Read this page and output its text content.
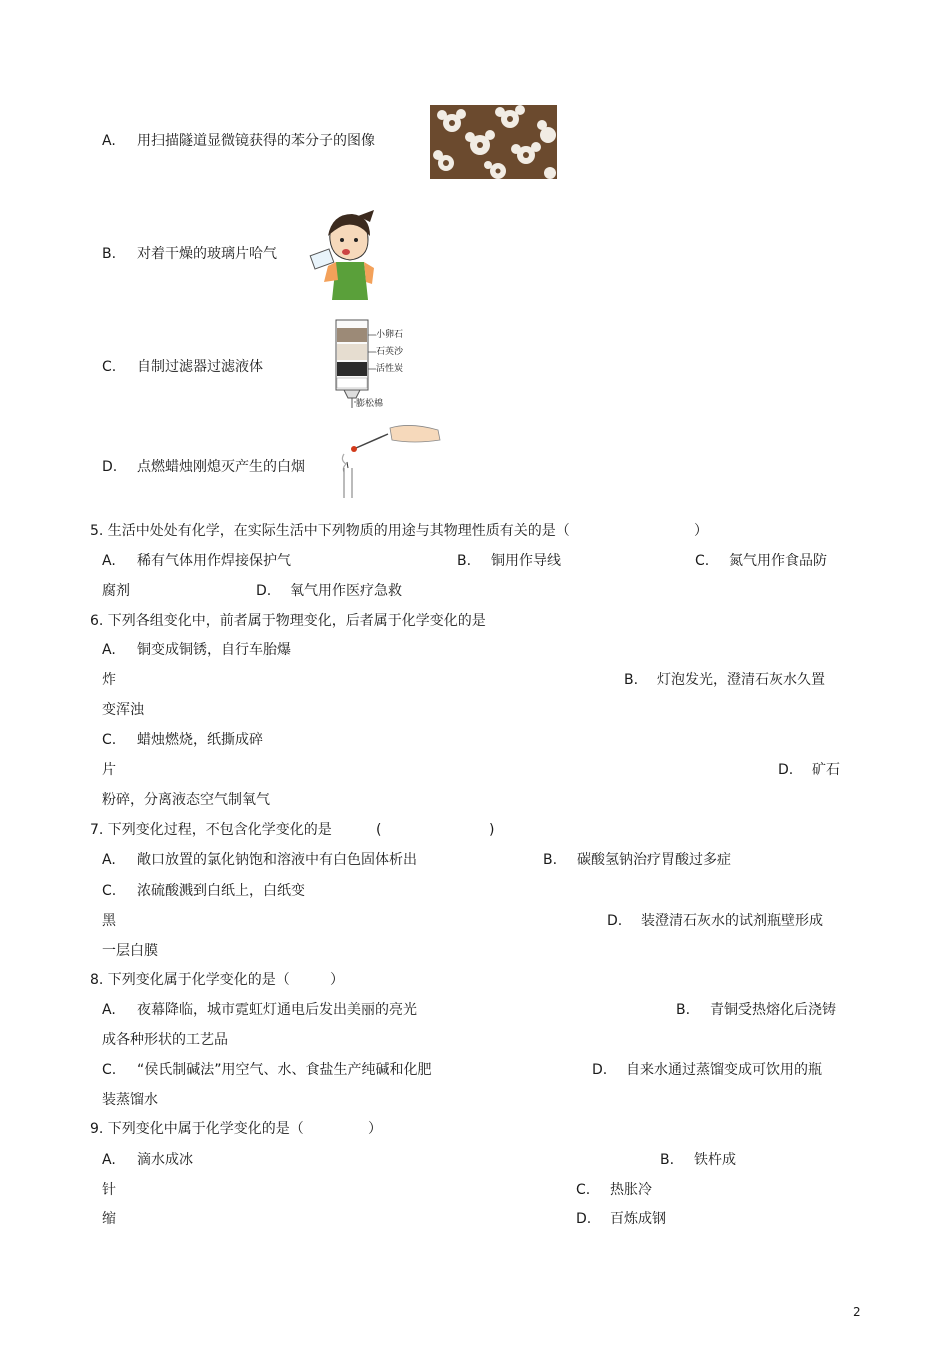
A. 用扫描隧道显微镜获得的苯分子的图像
B. 对着干燥的玻璃片哈气
C. 自制过滤器过滤液体
小卵石
石英沙
活性炭
膨松棉
D. 点燃蜡烛刚熄灭产生的白烟
5. 生活中处处有化学，在实际生活中下列物质的用途与其物理性质有关的是（	）
A. 稀有气体用作焊接保护气	B. 铜用作导线	C. 氮气用作食品防
腐剂	D. 氧气用作医疗急救
6. 下列各组变化中，前者属于物理变化，后者属于化学变化的是
A. 铜变成铜锈，自行车胎爆
炸	B. 灯泡发光，澄清石灰水久置
变浑浊
C. 蜡烛燃烧，纸撕成碎
片	D. 矿石
粉碎，分离液态空气制氧气
7. 下列变化过程，不包含化学变化的是	(	)
A. 敞口放置的氯化钠饱和溶液中有白色固体析出	B. 碳酸氢钠治疗胃酸过多症
C. 浓硫酸溅到白纸上，白纸变
黑	D. 装澄清石灰水的试剂瓶壁形成
一层白膜
8. 下列变化属于化学变化的是（	）
A. 夜幕降临，城市霓虹灯通电后发出美丽的亮光	B. 青铜受热熔化后浇铸
成各种形状的工艺品
C. “侯氏制碱法”用空气、水、食盐生产纯碱和化肥	D. 自来水通过蒸馏变成可饮用的瓶
装蒸馏水
9. 下列变化中属于化学变化的是（	）
A. 滴水成冰	B. 铁杵成
针	C. 热胀冷
缩	D. 百炼成钢
2
